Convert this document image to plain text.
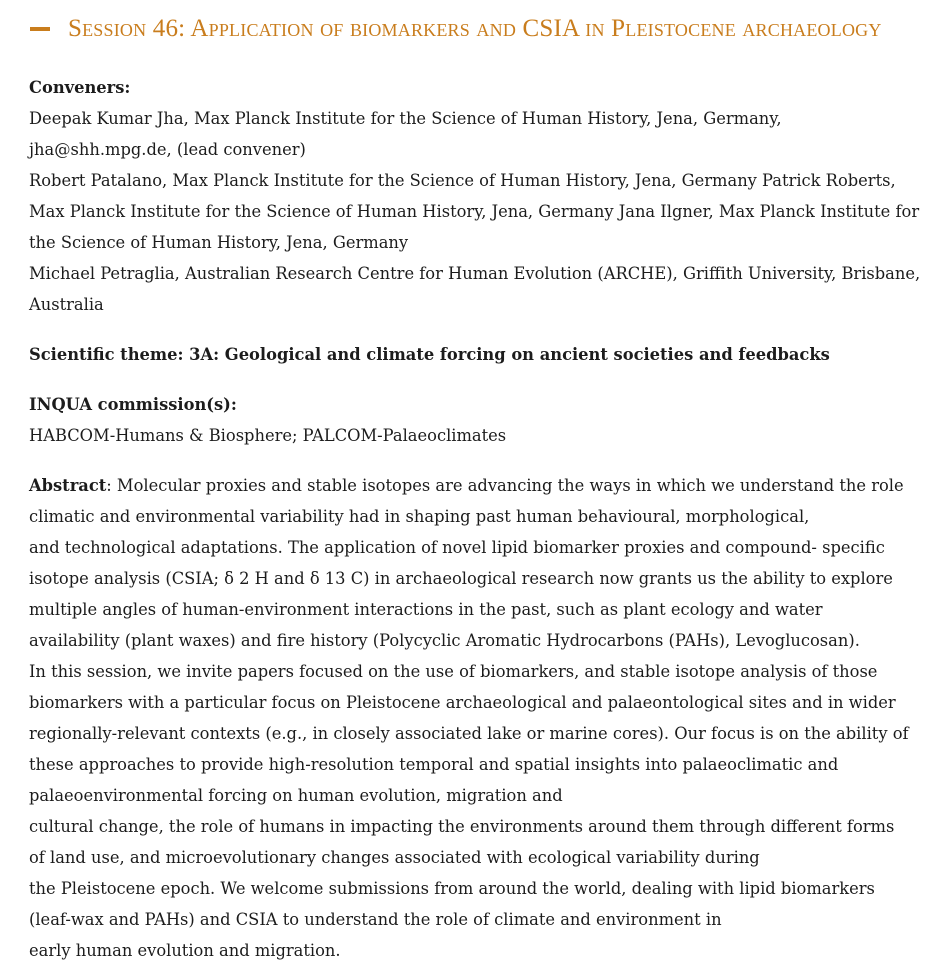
Session 46: Application of biomarkers and CSIA in Pleistocene archaeology
Conveners:
Deepak Kumar Jha, Max Planck Institute for the Science of Human History, Jena, Germany,
jha@shh.mpg.de, (lead convener)
Robert Patalano, Max Planck Institute for the Science of Human History, Jena, Germany Patrick Roberts,
Max Planck Institute for the Science of Human History, Jena, Germany Jana Ilgner, Max Planck Institute for
the Science of Human History, Jena, Germany
Michael Petraglia, Australian Research Centre for Human Evolution (ARCHE), Griffith University, Brisbane,
Australia
Scientific theme: 3A: Geological and climate forcing on ancient societies and feedbacks
INQUA commission(s):
HABCOM-Humans & Biosphere; PALCOM-Palaeoclimates
Abstract: Molecular proxies and stable isotopes are advancing the ways in which we understand the role
climatic and environmental variability had in shaping past human behavioural, morphological,
and technological adaptations. The application of novel lipid biomarker proxies and compound- specific
isotope analysis (CSIA; δ 2 H and δ 13 C) in archaeological research now grants us the ability to explore
multiple angles of human-environment interactions in the past, such as plant ecology and water
availability (plant waxes) and fire history (Polycyclic Aromatic Hydrocarbons (PAHs), Levoglucosan).
In this session, we invite papers focused on the use of biomarkers, and stable isotope analysis of those
biomarkers with a particular focus on Pleistocene archaeological and palaeontological sites and in wider
regionally-relevant contexts (e.g., in closely associated lake or marine cores). Our focus is on the ability of
these approaches to provide high-resolution temporal and spatial insights into palaeoclimatic and
palaeoenvironmental forcing on human evolution, migration and
cultural change, the role of humans in impacting the environments around them through different forms
of land use, and microevolutionary changes associated with ecological variability during
the Pleistocene epoch. We welcome submissions from around the world, dealing with lipid biomarkers
(leaf-wax and PAHs) and CSIA to understand the role of climate and environment in
early human evolution and migration.
